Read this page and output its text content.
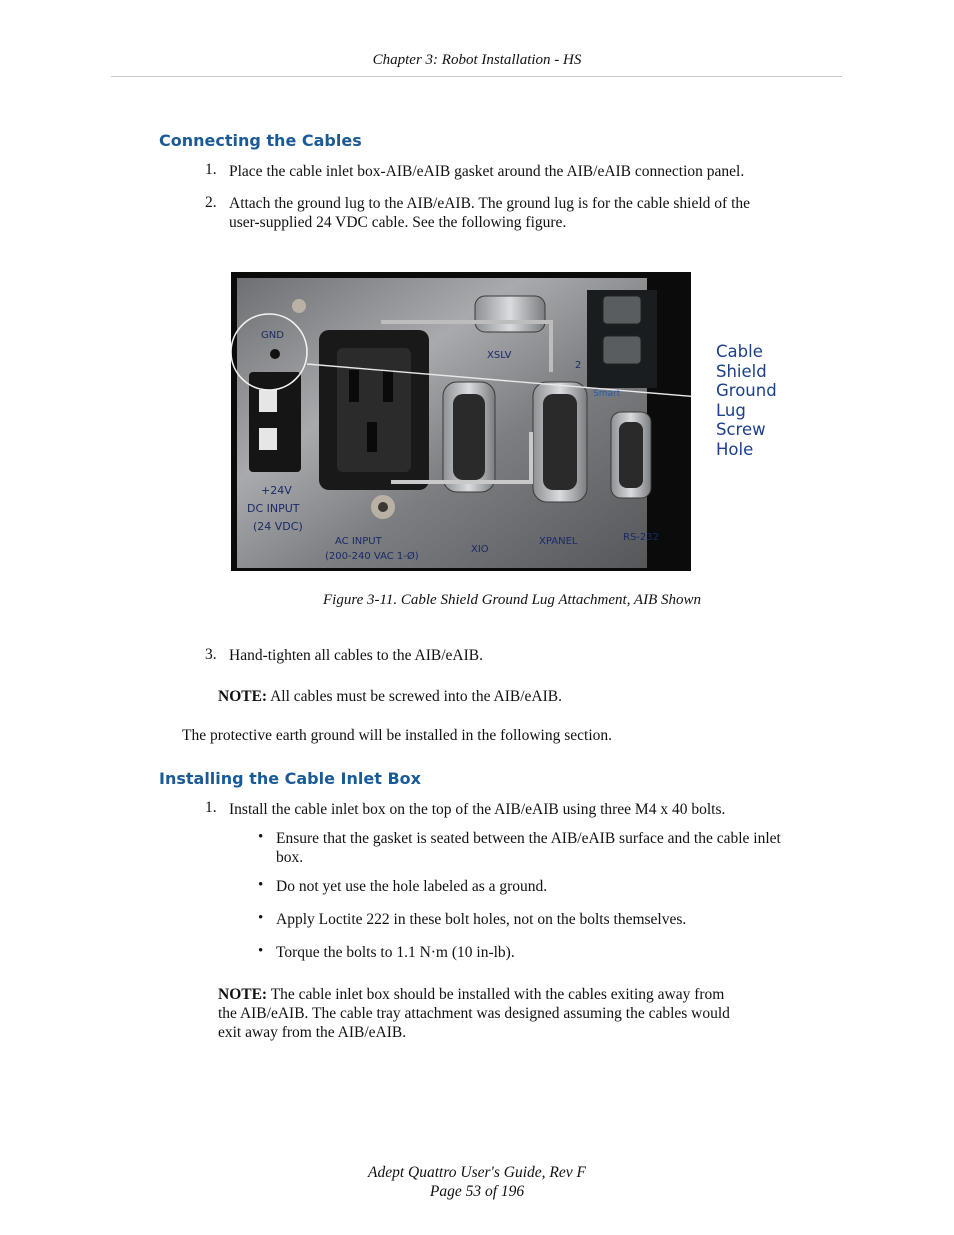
Chapter 3: Robot Installation - HS
Connecting the Cables
1. Place the cable inlet box-AIB/eAIB gasket around the AIB/eAIB connection panel.
2. Attach the ground lug to the AIB/eAIB. The ground lug is for the cable shield of the
user-supplied 24 VDC cable. See the following figure.
GND
XSLV
2
Smart
+24V
DC INPUT
(24 VDC)
AC INPUT
(200-240 VAC 1-Ø)
XIO
XPANEL	RS-232
Cable
Shield
Ground
Lug
Screw
Hole
Figure 3-11. Cable Shield Ground Lug Attachment, AIB Shown
3. Hand-tighten all cables to the AIB/eAIB.
NOTE: All cables must be screwed into the AIB/eAIB.
The protective earth ground will be installed in the following section.
Installing the Cable Inlet Box
1. Install the cable inlet box on the top of the AIB/eAIB using three M4 x 40 bolts.
• Ensure that the gasket is seated between the AIB/eAIB surface and the cable inlet
box.
• Do not yet use the hole labeled as a ground.
• Apply Loctite 222 in these bolt holes, not on the bolts themselves.
• Torque the bolts to 1.1 N·m (10 in-lb).
NOTE: The cable inlet box should be installed with the cables exiting away from
the AIB/eAIB. The cable tray attachment was designed assuming the cables would
exit away from the AIB/eAIB.
Adept Quattro User's Guide, Rev F
Page 53 of 196
